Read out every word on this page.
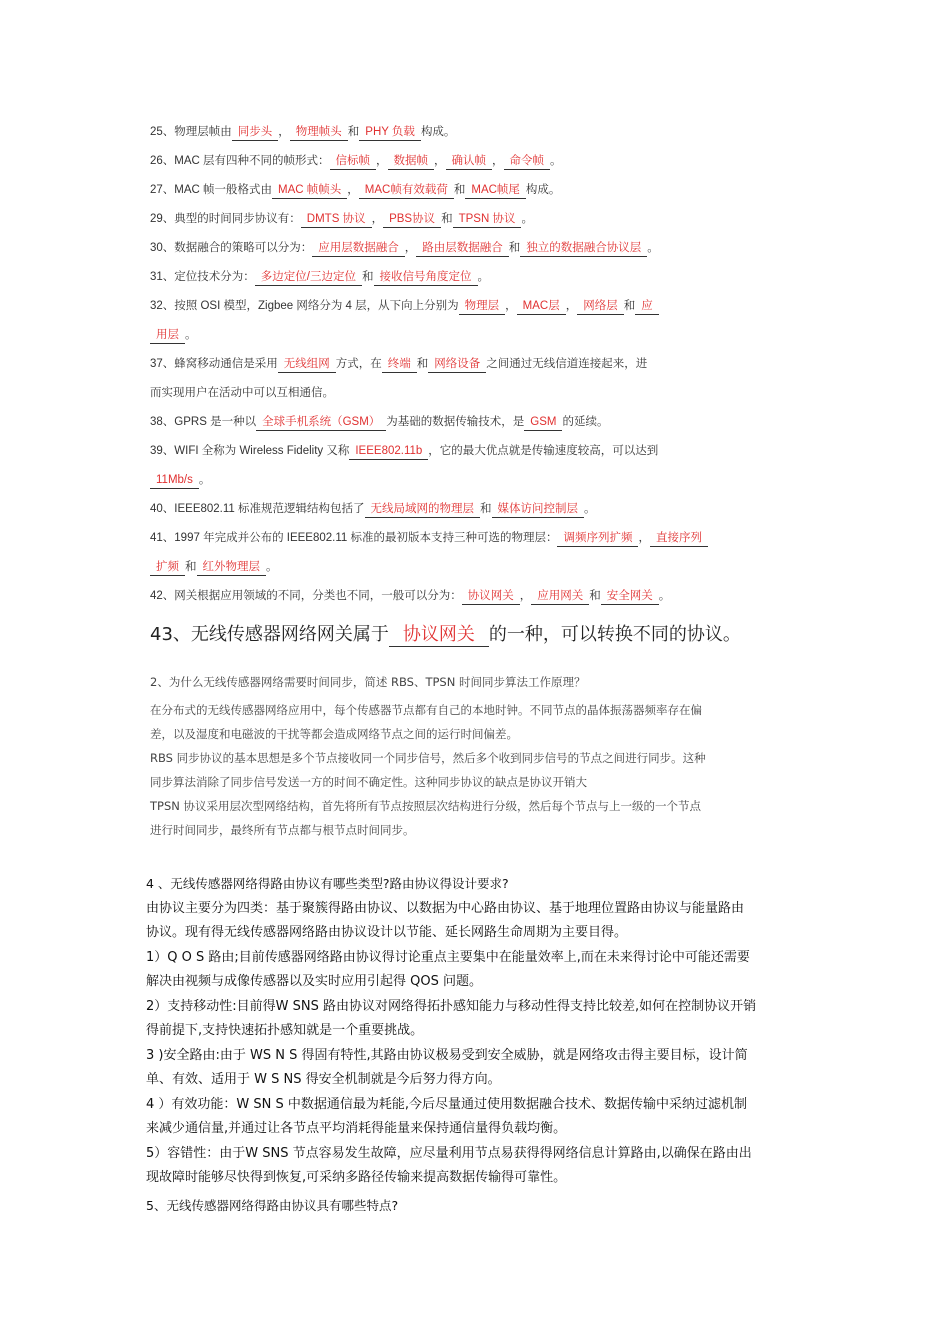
25、物理层帧由 同步头 ， 物理帧头 和 PHY 负载 构成。
26、MAC 层有四种不同的帧形式： 信标帧 ， 数据帧 ， 确认帧 ， 命令帧 。
27、MAC 帧一般格式由 MAC 帧帧头 ， MAC帧有效载荷 和 MAC帧尾 构成。
29、典型的时间同步协议有： DMTS 协议 ， PBS协议 和 TPSN 协议 。
30、数据融合的策略可以分为： 应用层数据融合 ， 路由层数据融合 和 独立的数据融合协议层 。
31、定位技术分为： 多边定位/三边定位 和 接收信号角度定位 。
32、按照 OSI 模型，Zigbee 网络分为 4 层，从下向上分别为 物理层 ， MAC层 ， 网络层 和 应
用层 。
37、蜂窝移动通信是采用 无线组网 方式，在 终端 和 网络设备 之间通过无线信道连接起来，进
而实现用户在活动中可以互相通信。
38、GPRS 是一种以 全球手机系统（GSM） 为基础的数据传输技术，是 GSM 的延续。
39、WIFI 全称为 Wireless Fidelity 又称 IEEE802.11b ，它的最大优点就是传输速度较高，可以达到
11Mb/s 。
40、IEEE802.11 标准规范逻辑结构包括了 无线局域网的物理层 和 媒体访问控制层 。
41、1997 年完成并公布的 IEEE802.11 标准的最初版本支持三种可选的物理层： 调频序列扩频 ， 直接序列
扩频 和 红外物理层 。
42、网关根据应用领域的不同，分类也不同，一般可以分为： 协议网关 ， 应用网关 和 安全网关 。
43、无线传感器网络网关属于 协议网关 的一种，可以转换不同的协议。

2、为什么无线传感器网络需要时间同步，简述 RBS、TPSN 时间同步算法工作原理？

在分布式的无线传感器网络应用中，每个传感器节点都有自己的本地时钟。不同节点的晶体振荡器频率存在偏

差，以及湿度和电磁波的干扰等都会造成网络节点之间的运行时间偏差。

RBS 同步协议的基本思想是多个节点接收同一个同步信号，然后多个收到同步信号的节点之间进行同步。这种

同步算法消除了同步信号发送一方的时间不确定性。这种同步协议的缺点是协议开销大

TPSN 协议采用层次型网络结构，首先将所有节点按照层次结构进行分级，然后每个节点与上一级的一个节点

进行时间同步，最终所有节点都与根节点时间同步。

4 、无线传感器网络得路由协议有哪些类型?路由协议得设计要求?

由协议主要分为四类：基于聚簇得路由协议、以数据为中心路由协议、基于地理位置路由协议与能量路由

协议。现有得无线传感器网络路由协议设计以节能、延长网路生命周期为主要目得。

1）Q O S 路由;目前传感器网络路由协议得讨论重点主要集中在能量效率上,而在未来得讨论中可能还需要

解决由视频与成像传感器以及实时应用引起得 QOS 问题。

2）支持移动性:目前得W SNS 路由协议对网络得拓扑感知能力与移动性得支持比较差,如何在控制协议开销

得前提下,支持快速拓扑感知就是一个重要挑战。

3 )安全路由:由于 WS N S 得固有特性,其路由协议极易受到安全威胁，就是网络攻击得主要目标，设计简

单、有效、适用于 W S NS 得安全机制就是今后努力得方向。

4 ）有效功能：W SN S 中数据通信最为耗能,今后尽量通过使用数据融合技术、数据传输中采纳过滤机制

来减少通信量,并通过让各节点平均消耗得能量来保持通信量得负载均衡。

5）容错性：由于W SNS 节点容易发生故障，应尽量利用节点易获得得网络信息计算路由,以确保在路由出

现故障时能够尽快得到恢复,可采纳多路径传输来提高数据传输得可靠性。

5、无线传感器网络得路由协议具有哪些特点?
